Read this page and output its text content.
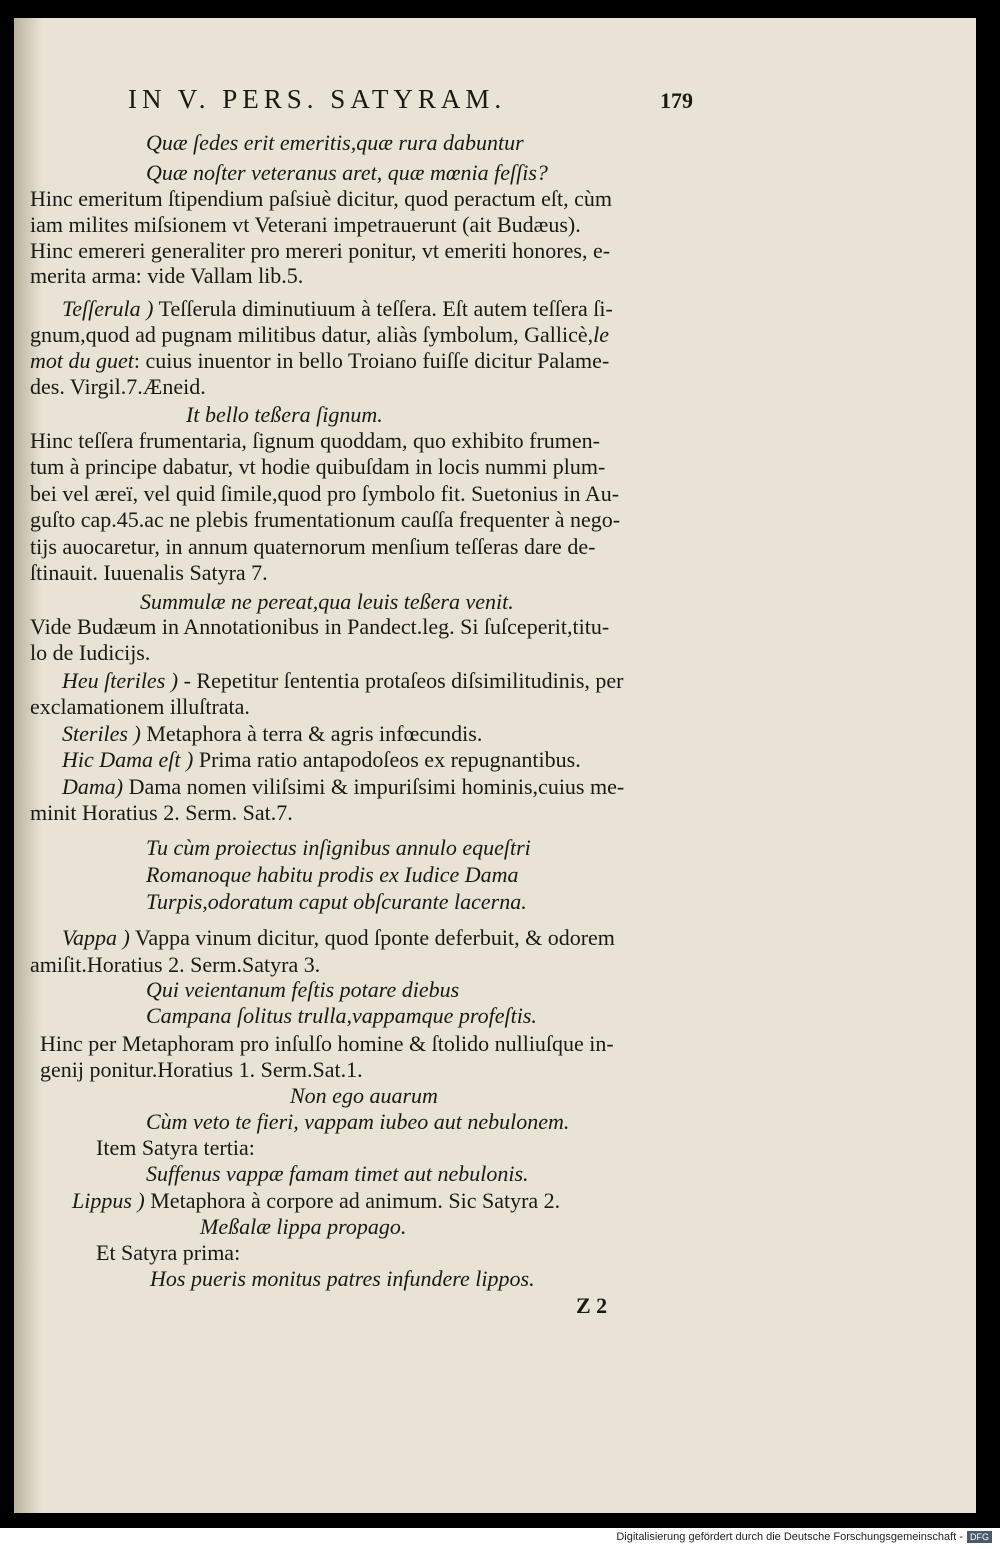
IN V. PERS. SATYRAM.	179
Quæ ſedes erit emeritis,quæ rura dabuntur
Quæ noſter veteranus aret, quæ mœnia feſſis?
Hinc emeritum ſtipendium paſsiuè dicitur, quod peractum eſt, cùm
iam milites miſsionem vt Veterani impetrauerunt (ait Budæus).
Hinc emereri generaliter pro mereri ponitur, vt emeriti honores, e-
merita arma: vide Vallam lib.5.
Teſſerula ) Teſſerula diminutiuum à teſſera. Eſt autem teſſera ſi-
gnum,quod ad pugnam militibus datur, aliàs ſymbolum, Gallicè,le
mot du guet: cuius inuentor in bello Troiano fuiſſe dicitur Palame-
des. Virgil.7.Æneid.
It bello teßera ſignum.
Hinc teſſera frumentaria, ſignum quoddam, quo exhibito frumen-
tum à principe dabatur, vt hodie quibuſdam in locis nummi plum-
bei vel æreï, vel quid ſimile,quod pro ſymbolo fit. Suetonius in Au-
guſto cap.45.ac ne plebis frumentationum cauſſa frequenter à nego-
tijs auocaretur, in annum quaternorum menſium teſſeras dare de-
ſtinauit. Iuuenalis Satyra 7.
Summulæ ne pereat,qua leuis teßera venit.
Vide Budæum in Annotationibus in Pandect.leg. Si ſuſceperit,titu-
lo de Iudicijs.
Heu ſteriles ) - Repetitur ſententia protaſeos diſsimilitudinis, per
exclamationem illuſtrata.
Steriles ) Metaphora à terra & agris infœcundis.
Hic Dama eſt ) Prima ratio antapodoſeos ex repugnantibus.
Dama) Dama nomen viliſsimi & impuriſsimi hominis,cuius me-
minit Horatius 2. Serm. Sat.7.
Tu cùm proiectus inſignibus annulo equeſtri
Romanoque habitu prodis ex Iudice Dama
Turpis,odoratum caput obſcurante lacerna.
Vappa ) Vappa vinum dicitur, quod ſponte deferbuit, & odorem
amiſit.Horatius 2. Serm.Satyra 3.
Qui veientanum feſtis potare diebus
Campana ſolitus trulla,vappamque profeſtis.
Hinc per Metaphoram pro inſulſo homine & ſtolido nulliuſque in-
genij ponitur.Horatius 1. Serm.Sat.1.
Non ego auarum
Cùm veto te fieri, vappam iubeo aut nebulonem.
Item Satyra tertia:
Suffenus vappæ famam timet aut nebulonis.
Lippus ) Metaphora à corpore ad animum. Sic Satyra 2.
Meßalæ lippa propago.
Et Satyra prima:
Hos pueris monitus patres infundere lippos.
Z 2
Digitalisierung gefördert durch die Deutsche Forschungsgemeinschaft - DFG
